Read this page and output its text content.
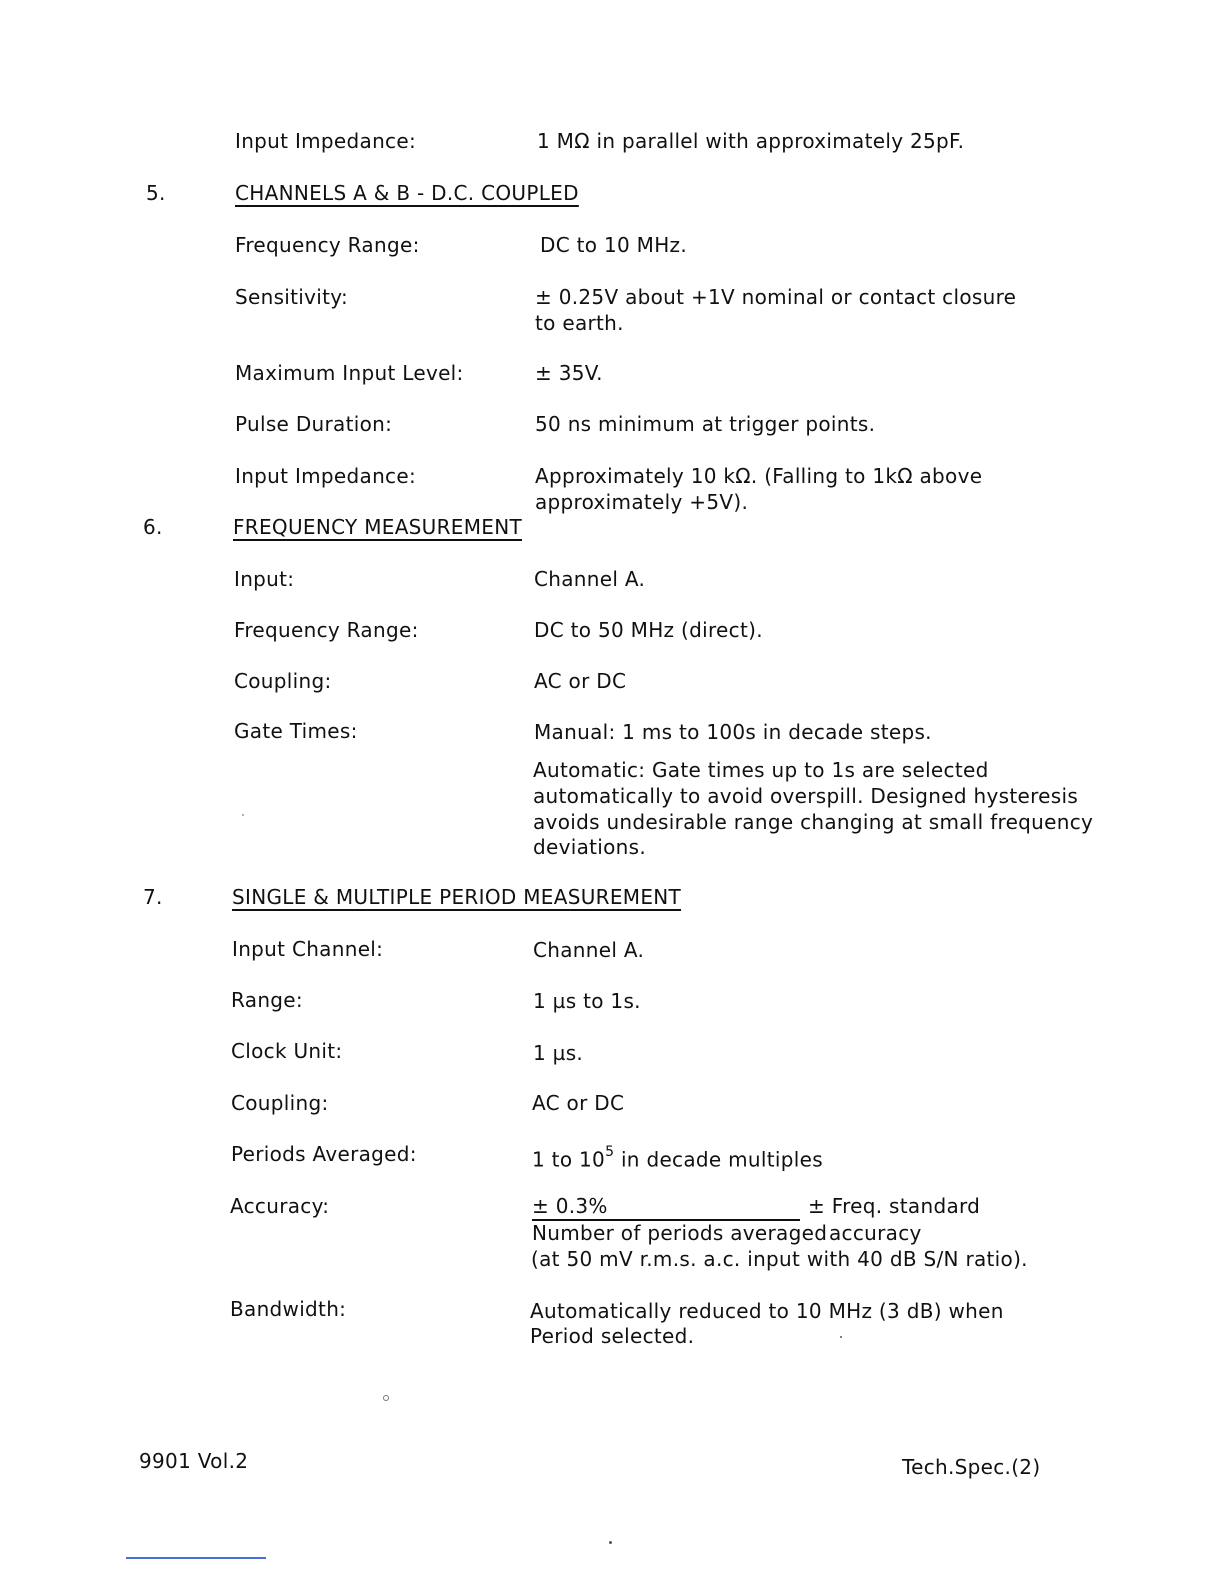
Input Impedance:	1 MΩ in parallel with approximately 25pF.
5.	CHANNELS A & B - D.C. COUPLED
Frequency Range:	DC to 10 MHz.
Sensitivity:	± 0.25V about +1V nominal or contact closure
to earth.
Maximum Input Level:	± 35V.
Pulse Duration:	50 ns minimum at trigger points.
Input Impedance:	Approximately 10 kΩ. (Falling to 1kΩ above
approximately +5V).
6.	FREQUENCY MEASUREMENT
Input:	Channel A.
Frequency Range:	DC to 50 MHz (direct).
Coupling:	AC or DC
Gate Times:	Manual: 1 ms to 100s in decade steps.
Automatic: Gate times up to 1s are selected
automatically to avoid overspill. Designed hysteresis
avoids undesirable range changing at small frequency
deviations.
7.	SINGLE & MULTIPLE PERIOD MEASUREMENT
Input Channel:	Channel A.
Range:	1 µs to 1s.
Clock Unit:	1 µs.
Coupling:	AC or DC
Periods Averaged:	1 to $10^5$ in decade multiples
Accuracy:	± 0.3%	± Freq. standard
Number of periods averaged accuracy
(at 50 mV r.m.s. a.c. input with 40 dB S/N ratio).
Bandwidth:	Automatically reduced to 10 MHz (3 dB) when
Period selected.
9901 Vol.2	Tech.Spec.(2)
